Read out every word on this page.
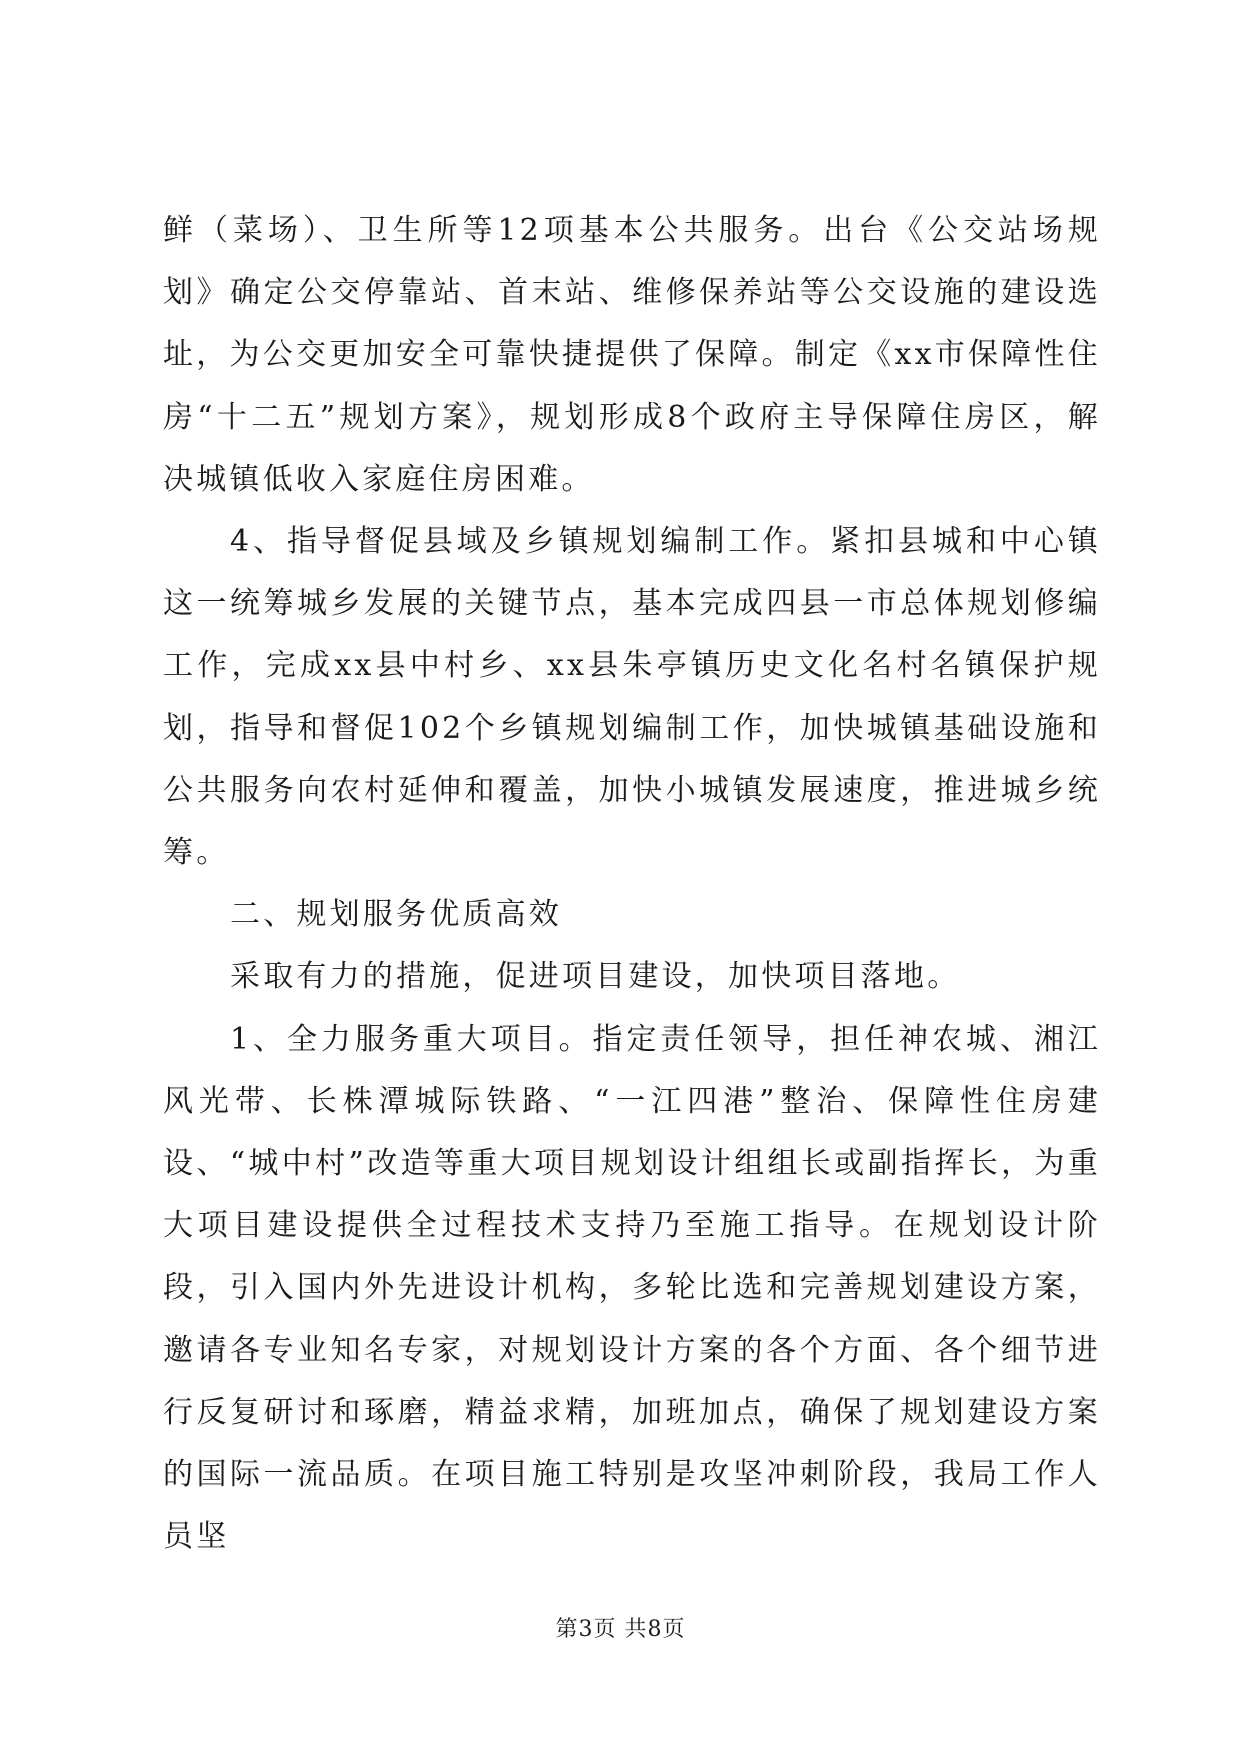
鲜（菜场）、卫生所等12项基本公共服务。出台《公交站场规划》确定公交停靠站、首末站、维修保养站等公交设施的建设选址，为公交更加安全可靠快捷提供了保障。制定《xx市保障性住房“十二五”规划方案》，规划形成8个政府主导保障住房区，解决城镇低收入家庭住房困难。

4、指导督促县域及乡镇规划编制工作。紧扣县城和中心镇这一统筹城乡发展的关键节点，基本完成四县一市总体规划修编工作，完成xx县中村乡、xx县朱亭镇历史文化名村名镇保护规划，指导和督促102个乡镇规划编制工作，加快城镇基础设施和公共服务向农村延伸和覆盖，加快小城镇发展速度，推进城乡统筹。

二、规划服务优质高效

采取有力的措施，促进项目建设，加快项目落地。

1、全力服务重大项目。指定责任领导，担任神农城、湘江风光带、长株潭城际铁路、“一江四港”整治、保障性住房建设、“城中村”改造等重大项目规划设计组组长或副指挥长，为重大项目建设提供全过程技术支持乃至施工指导。在规划设计阶段，引入国内外先进设计机构，多轮比选和完善规划建设方案，邀请各专业知名专家，对规划设计方案的各个方面、各个细节进行反复研讨和琢磨，精益求精，加班加点，确保了规划建设方案的国际一流品质。在项目施工特别是攻坚冲刺阶段，我局工作人员坚

第3页 共8页
